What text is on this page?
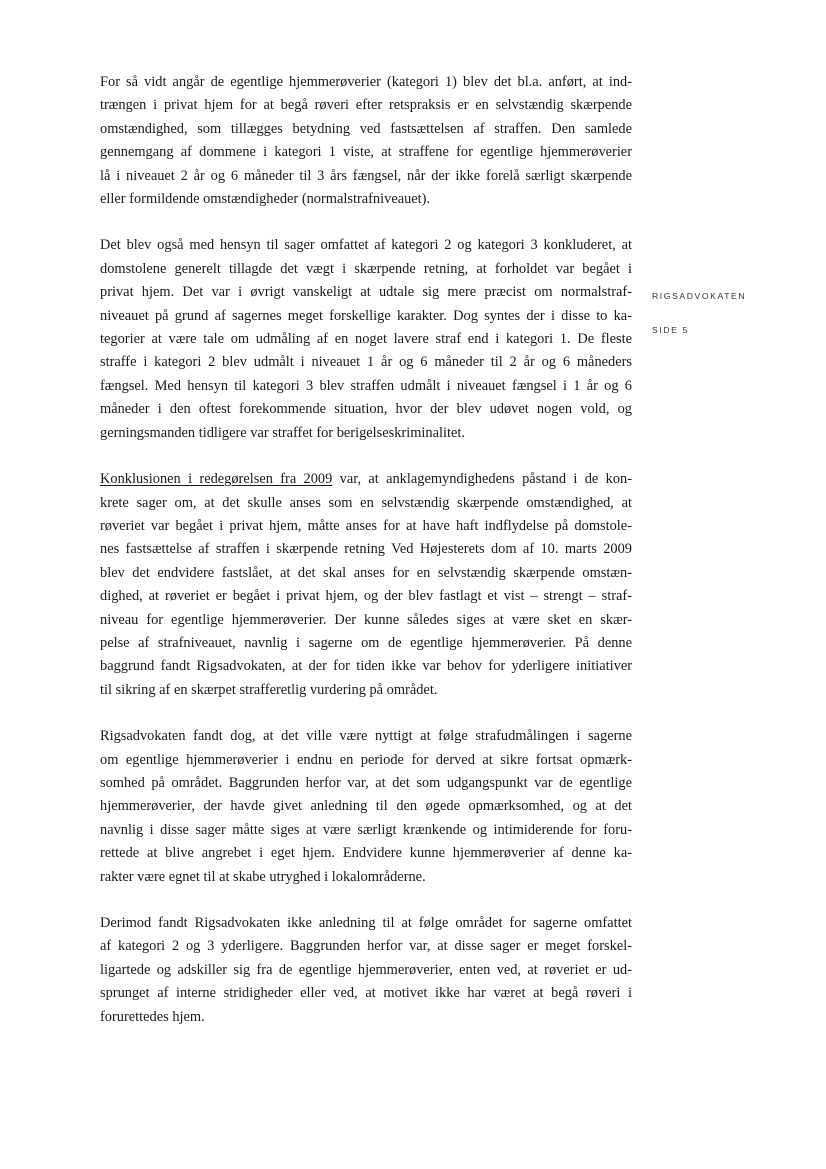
For så vidt angår de egentlige hjemmerøverier (kategori 1) blev det bl.a. anført, at ind-
trængen i privat hjem for at begå røveri efter retspraksis er en selvstændig skærpende
omstændighed, som tillægges betydning ved fastsættelsen af straffen. Den samlede
gennemgang af dommene i kategori 1 viste, at straffene for egentlige hjemmerøverier
lå i niveauet 2 år og 6 måneder til 3 års fængsel, når der ikke forelå særligt skærpende
eller formildende omstændigheder (normalstrafniveauet).

Det blev også med hensyn til sager omfattet af kategori 2 og kategori 3 konkluderet, at
domstolene generelt tillagde det vægt i skærpende retning, at forholdet var begået i
privat hjem. Det var i øvrigt vanskeligt at udtale sig mere præcist om normalstraf-
niveauet på grund af sagernes meget forskellige karakter. Dog syntes der i disse to ka-
tegorier at være tale om udmåling af en noget lavere straf end i kategori 1. De fleste
straffe i kategori 2 blev udmålt i niveauet 1 år og 6 måneder til 2 år og 6 måneders
fængsel. Med hensyn til kategori 3 blev straffen udmålt i niveauet fængsel i 1 år og 6
måneder i den oftest forekommende situation, hvor der blev udøvet nogen vold, og
gerningsmanden tidligere var straffet for berigelseskriminalitet.

Konklusionen i redegørelsen fra 2009 var, at anklagemyndighedens påstand i de kon-
krete sager om, at det skulle anses som en selvstændig skærpende omstændighed, at
røveriet var begået i privat hjem, måtte anses for at have haft indflydelse på domstole-
nes fastsættelse af straffen i skærpende retning Ved Højesterets dom af 10. marts 2009
blev det endvidere fastslået, at det skal anses for en selvstændig skærpende omstæn-
dighed, at røveriet er begået i privat hjem, og der blev fastlagt et vist – strengt – straf-
niveau for egentlige hjemmerøverier. Der kunne således siges at være sket en skær-
pelse af strafniveauet, navnlig i sagerne om de egentlige hjemmerøverier. På denne
baggrund fandt Rigsadvokaten, at der for tiden ikke var behov for yderligere initiativer
til sikring af en skærpet strafferetlig vurdering på området.

Rigsadvokaten fandt dog, at det ville være nyttigt at følge strafudmålingen i sagerne
om egentlige hjemmerøverier i endnu en periode for derved at sikre fortsat opmærk-
somhed på området. Baggrunden herfor var, at det som udgangspunkt var de egentlige
hjemmerøverier, der havde givet anledning til den øgede opmærksomhed, og at det
navnlig i disse sager måtte siges at være særligt krænkende og intimiderende for foru-
rettede at blive angrebet i eget hjem. Endvidere kunne hjemmerøverier af denne ka-
rakter være egnet til at skabe utryghed i lokalområderne.

Derimod fandt Rigsadvokaten ikke anledning til at følge området for sagerne omfattet
af kategori 2 og 3 yderligere. Baggrunden herfor var, at disse sager er meget forskel-
ligartede og adskiller sig fra de egentlige hjemmerøverier, enten ved, at røveriet er ud-
sprunget af interne stridigheder eller ved, at motivet ikke har været at begå røveri i
forurettedes hjem.

RIGSADVOKATEN
SIDE 5
